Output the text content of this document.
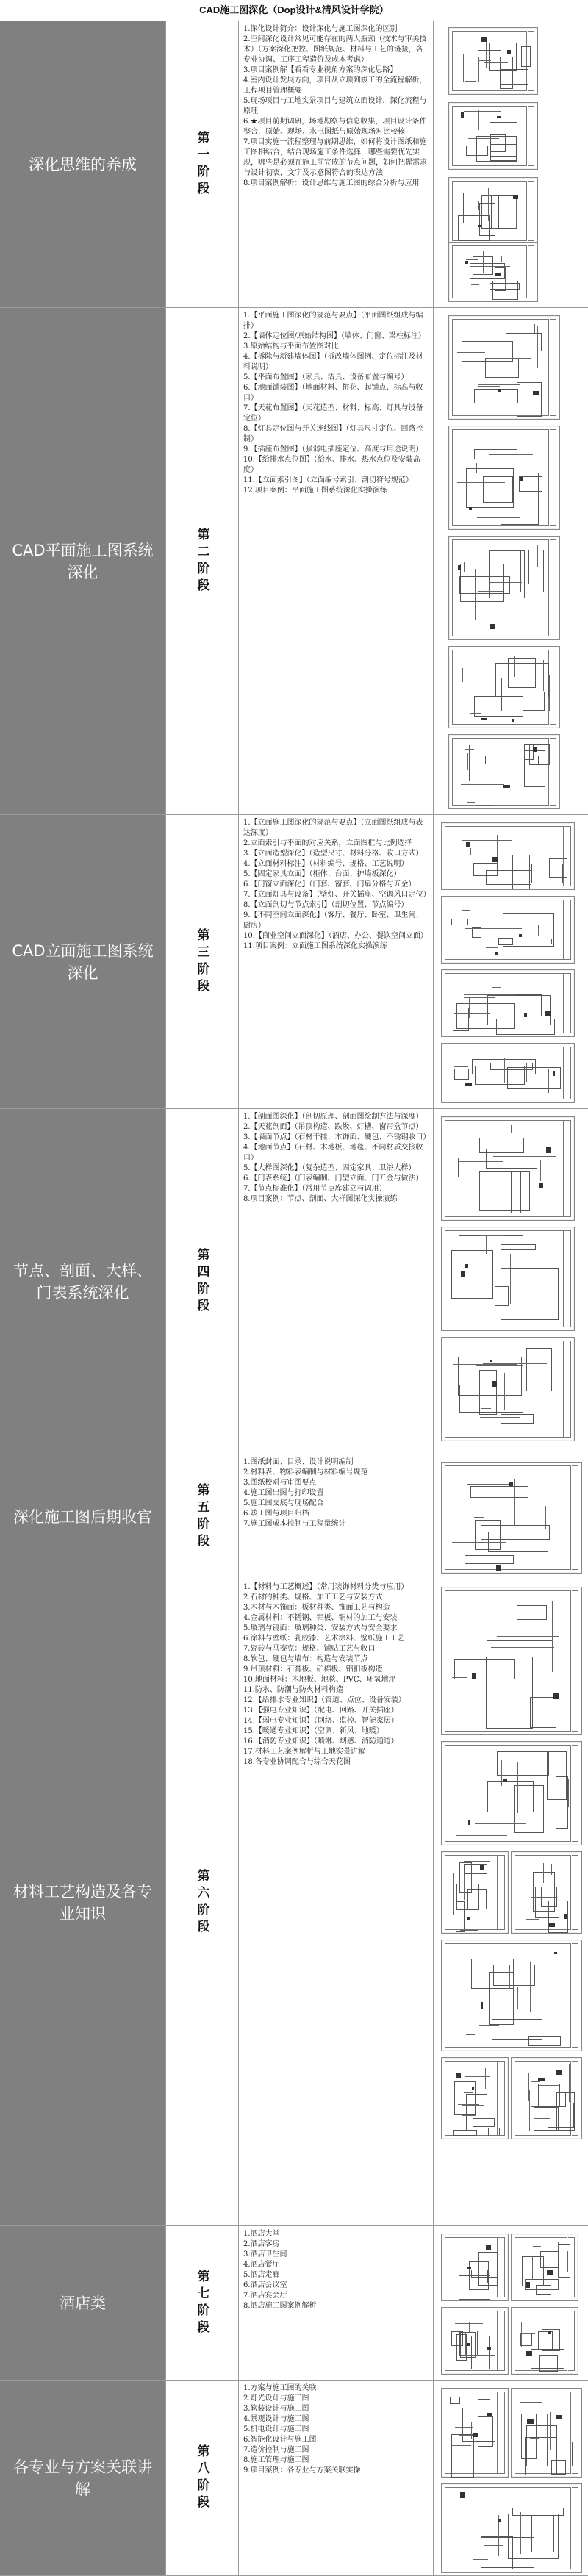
CAD施工图深化（Dop设计&清风设计学院）
深化思维的养成	第一阶段
1.深化设计简介：设计深化与施工图深化的区别
2.空间深化设计常见可能存在的两大瓶颈（技术与审美技术）（方案深化把控、图纸规范、材料与工艺的链接，各专业协调、工序工程造价及成本考虑）
3.项目案例解【看看专业视角方案的深化思路】
4.室内设计发展方向，项目从立项到竣工的全流程解析，工程项目管理概要
5.现场项目与工地实景项目与建筑立面设计，深化流程与原理
6.★项目前期调研，场地勘察与信息收集，项目设计条件整合，原始、现场、水电图纸与原始现场对比校核
7.项目实施一流程整理与前期思维，如何将设计图纸和施工图相结合，结合现场施工条件选择，哪些需要优先实现，哪些是必须在施工前完成的节点问题，如何把握需求与设计初衷，文字及示意图符合的表达方法
8.项目案例解析：设计思维与施工图的综合分析与应用
CAD平面施工图系统深化	第二阶段
1.【平面施工图深化的规范与要点】（平面图纸组成与编排）
2.【墙体定位图/原始结构图】（墙体、门窗、梁柱标注）
3.原始结构与平面布置图对比
4.【拆除与新建墙体图】（拆改墙体图例、定位标注及材料说明）
5.【平面布置图】（家具、洁具、设备布置与编号）
6.【地面铺装图】（地面材料、拼花、起铺点、标高与收口）
7.【天花布置图】（天花造型、材料、标高、灯具与设备定位）
8.【灯具定位图与开关连线图】（灯具尺寸定位、回路控制）
9.【插座布置图】（强弱电插座定位、高度与用途说明）
10.【给排水点位图】（给水、排水、热水点位及安装高度）
11.【立面索引图】（立面编号索引、剖切符号规范）
12.项目案例：平面施工图系统深化实操演练
CAD立面施工图系统深化	第三阶段
1.【立面施工图深化的规范与要点】（立面图纸组成与表达深度）
2.立面索引与平面的对应关系，立面图框与比例选择
3.【立面造型深化】（造型尺寸、材料分格、收口方式）
4.【立面材料标注】（材料编号、规格、工艺说明）
5.【固定家具立面】（柜体、台面、护墙板深化）
6.【门窗立面深化】（门套、窗套、门扇分格与五金）
7.【立面灯具与设备】（壁灯、开关插座、空调风口定位）
8.【立面剖切与节点索引】（剖切位置、节点编号）
9.【不同空间立面深化】（客厅、餐厅、卧室、卫生间、厨房）
10.【商业空间立面深化】（酒店、办公、餐饮空间立面）
11.项目案例：立面施工图系统深化实操演练
节点、剖面、大样、门表系统深化	第四阶段
1.【剖面图深化】（剖切原理、剖面图绘制方法与深度）
2.【天花剖面】（吊顶构造、跌级、灯槽、窗帘盒节点）
3.【墙面节点】（石材干挂、木饰面、硬包、不锈钢收口）
4.【地面节点】（石材、木地板、地毯、不同材质交接收口）
5.【大样图深化】（复杂造型、固定家具、卫浴大样）
6.【门表系统】（门表编制、门型立面、门五金与做法）
7.【节点标准化】（常用节点库建立与调用）
8.项目案例：节点、剖面、大样图深化实操演练
深化施工图后期收官	第五阶段
1.图纸封面、目录、设计说明编制
2.材料表、物料表编制与材料编号规范
3.图纸校对与审图要点
4.施工图出图与打印设置
5.施工图交底与现场配合
6.竣工图与项目归档
7.施工图成本控制与工程量统计
材料工艺构造及各专业知识	第六阶段
1.【材料与工艺概述】（常用装饰材料分类与应用）
2.石材的种类、规格、加工工艺与安装方式
3.木材与木饰面：板材种类、饰面工艺与构造
4.金属材料：不锈钢、铝板、铜材的加工与安装
5.玻璃与镜面：玻璃种类、安装方式与安全要求
6.涂料与壁纸：乳胶漆、艺术涂料、壁纸施工工艺
7.瓷砖与马赛克：规格、铺贴工艺与收口
8.软包、硬包与墙布：构造与安装节点
9.吊顶材料：石膏板、矿棉板、铝扣板构造
10.地面材料：木地板、地毯、PVC、环氧地坪
11.防水、防潮与防火材料构造
12.【给排水专业知识】（管道、点位、设备安装）
13.【强电专业知识】（配电、回路、开关插座）
14.【弱电专业知识】（网络、监控、智能家居）
15.【暖通专业知识】（空调、新风、地暖）
16.【消防专业知识】（喷淋、烟感、消防通道）
17.材料工艺案例解析与工地实景讲解
18.各专业协调配合与综合天花图
酒店类	第七阶段
1.酒店大堂
2.酒店客房
3.酒店卫生间
4.酒店餐厅
5.酒店走廊
6.酒店会议室
7.酒店宴会厅
8.酒店施工图案例解析
各专业与方案关联讲解	第八阶段
1.方案与施工图的关联
2.灯光设计与施工图
3.软装设计与施工图
4.景观设计与施工图
5.机电设计与施工图
6.智能化设计与施工图
7.造价控制与施工图
8.施工管理与施工图
9.项目案例：各专业与方案关联实操
